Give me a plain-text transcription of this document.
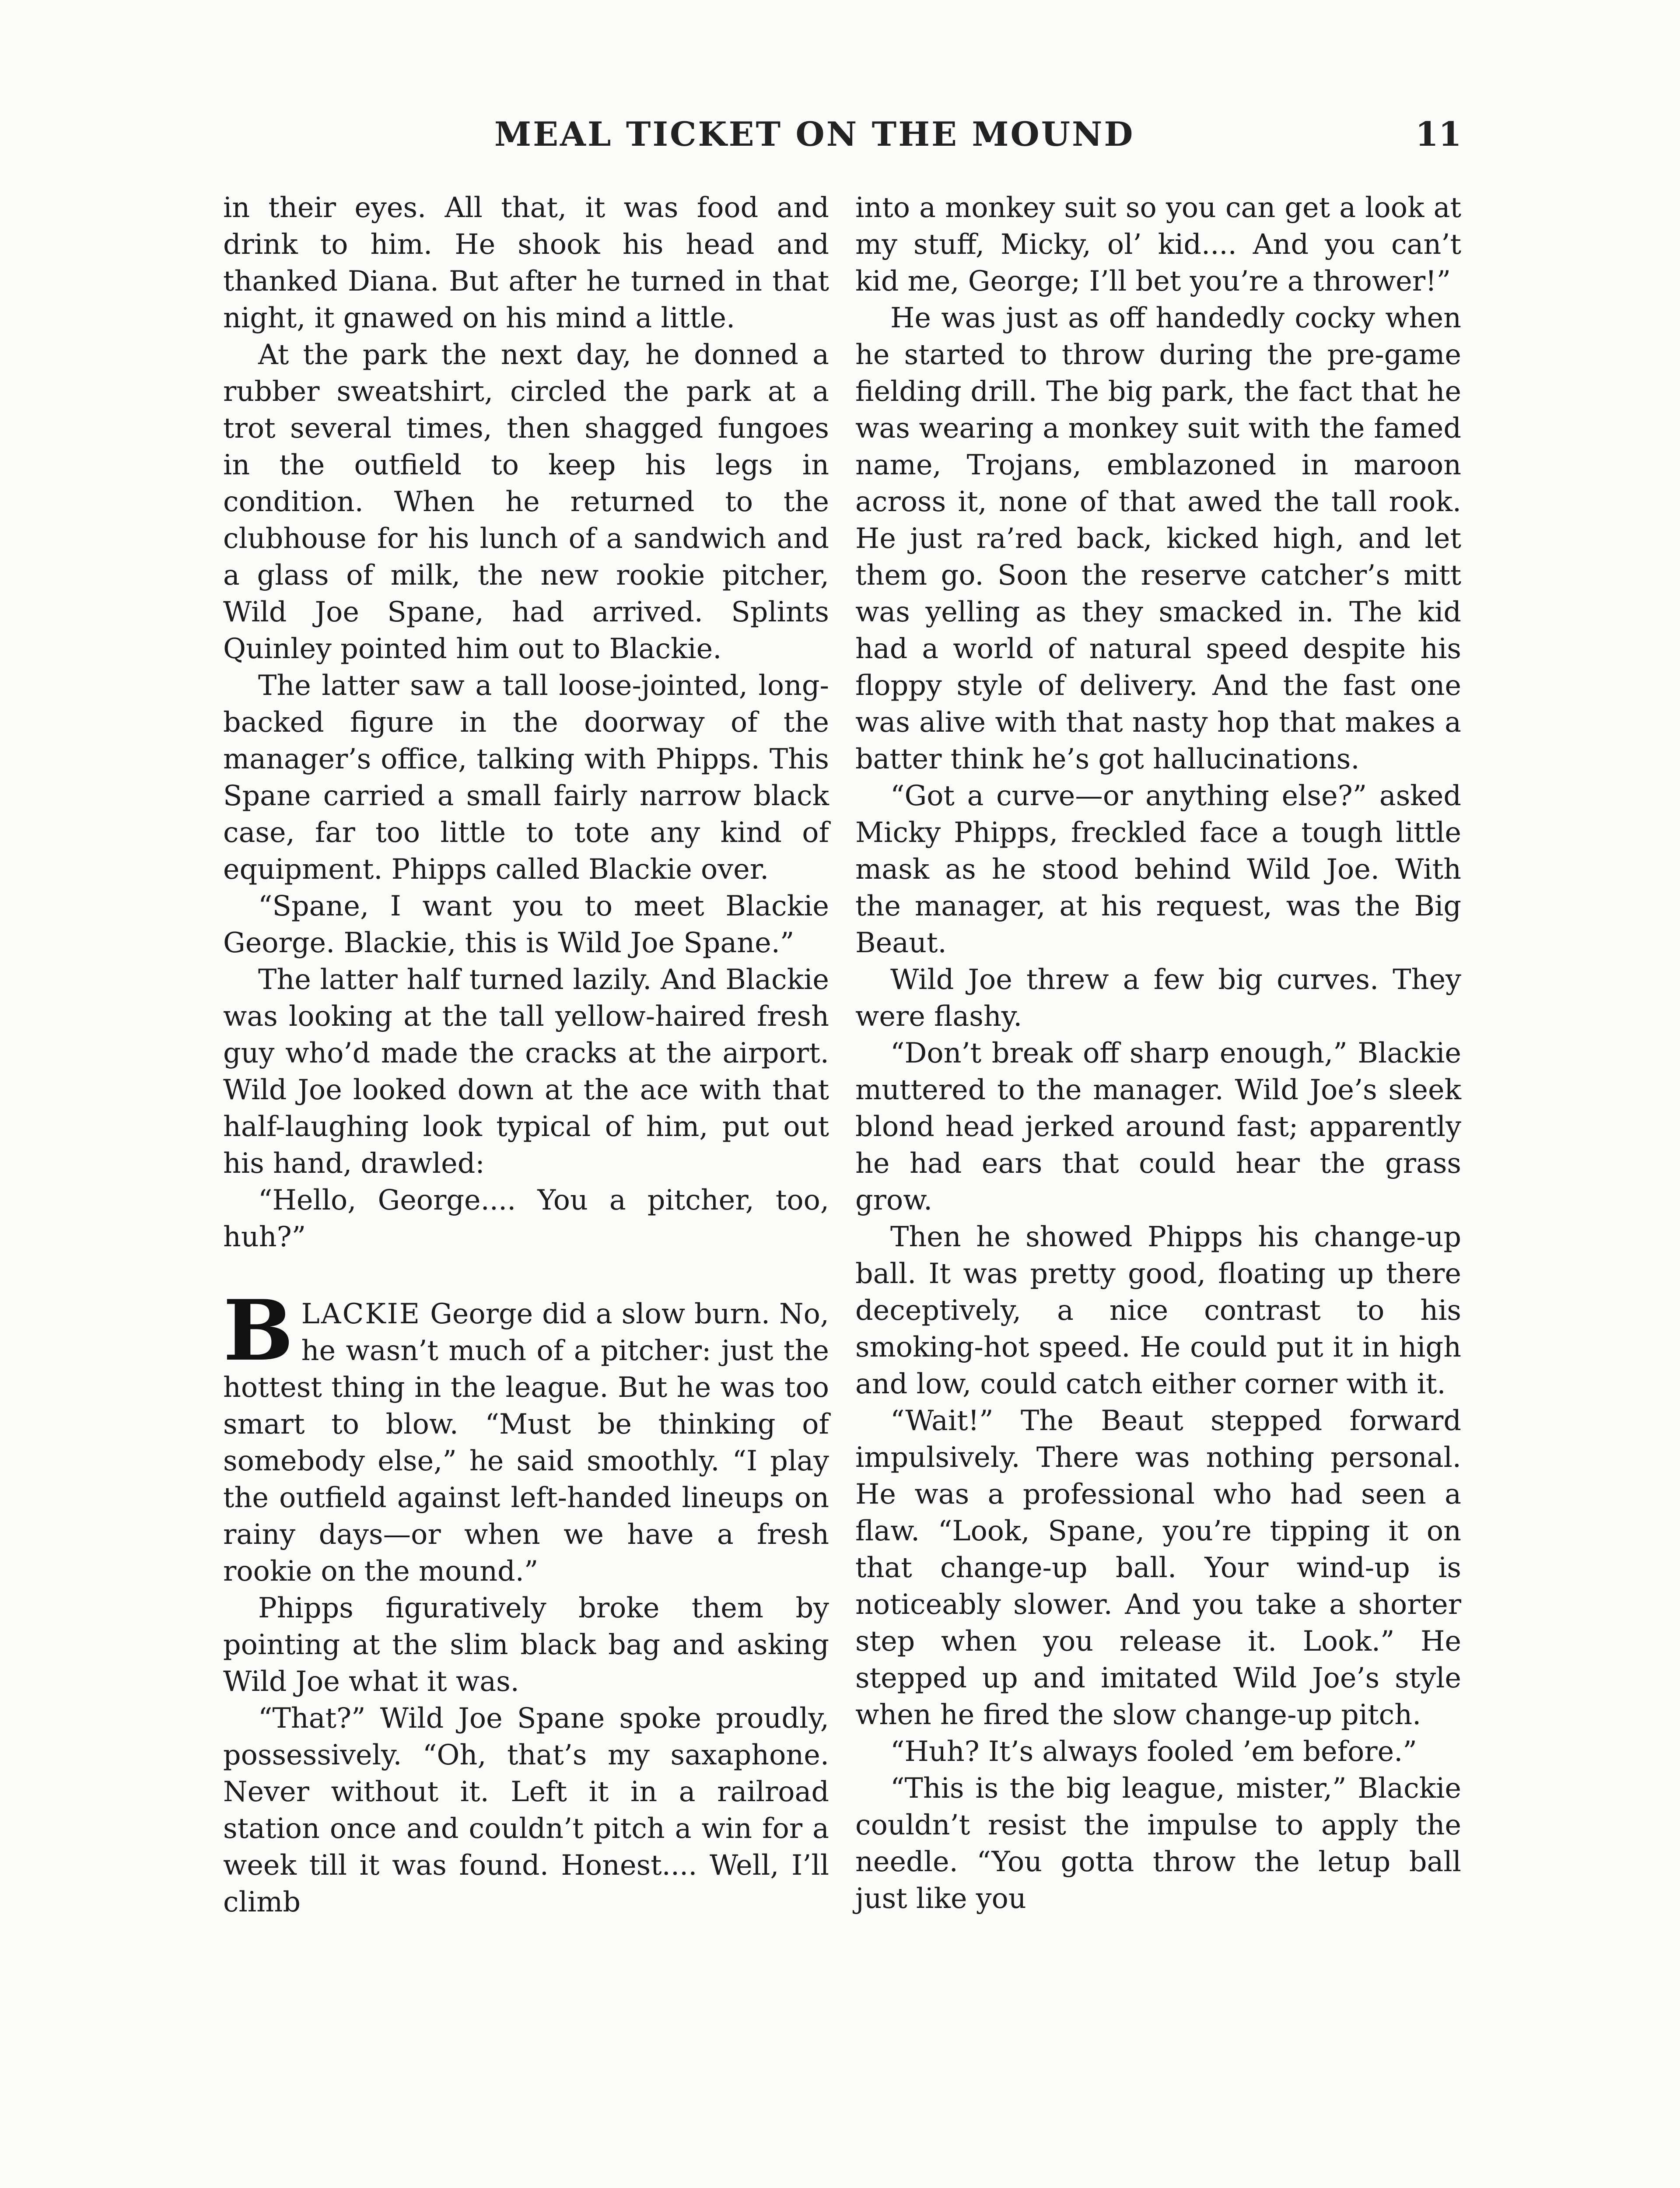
MEAL TICKET ON THE MOUND	11

in their eyes. All that, it was food and drink to him. He shook his head and thanked Diana. But after he turned in that night, it gnawed on his mind a little.

At the park the next day, he donned a rubber sweatshirt, circled the park at a trot several times, then shagged fungoes in the outfield to keep his legs in condition. When he returned to the clubhouse for his lunch of a sandwich and a glass of milk, the new rookie pitcher, Wild Joe Spane, had arrived. Splints Quinley pointed him out to Blackie.

The latter saw a tall loose-jointed, long-backed figure in the doorway of the manager’s office, talking with Phipps. This Spane carried a small fairly narrow black case, far too little to tote any kind of equipment. Phipps called Blackie over.

“Spane, I want you to meet Blackie George. Blackie, this is Wild Joe Spane.”

The latter half turned lazily. And Blackie was looking at the tall yellow-haired fresh guy who’d made the cracks at the airport. Wild Joe looked down at the ace with that half-laughing look typical of him, put out his hand, drawled:

“Hello, George.... You a pitcher, too, huh?”

BLACKIE George did a slow burn. No, he wasn’t much of a pitcher: just the hottest thing in the league. But he was too smart to blow. “Must be thinking of somebody else,” he said smoothly. “I play the outfield against left-handed lineups on rainy days—or when we have a fresh rookie on the mound.”

Phipps figuratively broke them by pointing at the slim black bag and asking Wild Joe what it was.

“That?” Wild Joe Spane spoke proudly, possessively. “Oh, that’s my saxaphone. Never without it. Left it in a railroad station once and couldn’t pitch a win for a week till it was found. Honest.... Well, I’ll climb

into a monkey suit so you can get a look at my stuff, Micky, ol’ kid.... And you can’t kid me, George; I’ll bet you’re a thrower!”

He was just as off handedly cocky when he started to throw during the pre-game fielding drill. The big park, the fact that he was wearing a monkey suit with the famed name, Trojans, emblazoned in maroon across it, none of that awed the tall rook. He just ra’red back, kicked high, and let them go. Soon the reserve catcher’s mitt was yelling as they smacked in. The kid had a world of natural speed despite his floppy style of delivery. And the fast one was alive with that nasty hop that makes a batter think he’s got hallucinations.

“Got a curve—or anything else?” asked Micky Phipps, freckled face a tough little mask as he stood behind Wild Joe. With the manager, at his request, was the Big Beaut.

Wild Joe threw a few big curves. They were flashy.

“Don’t break off sharp enough,” Blackie muttered to the manager. Wild Joe’s sleek blond head jerked around fast; apparently he had ears that could hear the grass grow.

Then he showed Phipps his change-up ball. It was pretty good, floating up there deceptively, a nice contrast to his smoking-hot speed. He could put it in high and low, could catch either corner with it.

“Wait!” The Beaut stepped forward impulsively. There was nothing personal. He was a professional who had seen a flaw. “Look, Spane, you’re tipping it on that change-up ball. Your wind-up is noticeably slower. And you take a shorter step when you release it. Look.” He stepped up and imitated Wild Joe’s style when he fired the slow change-up pitch.

“Huh? It’s always fooled ’em before.”

“This is the big league, mister,” Blackie couldn’t resist the impulse to apply the needle. “You gotta throw the letup ball just like you
